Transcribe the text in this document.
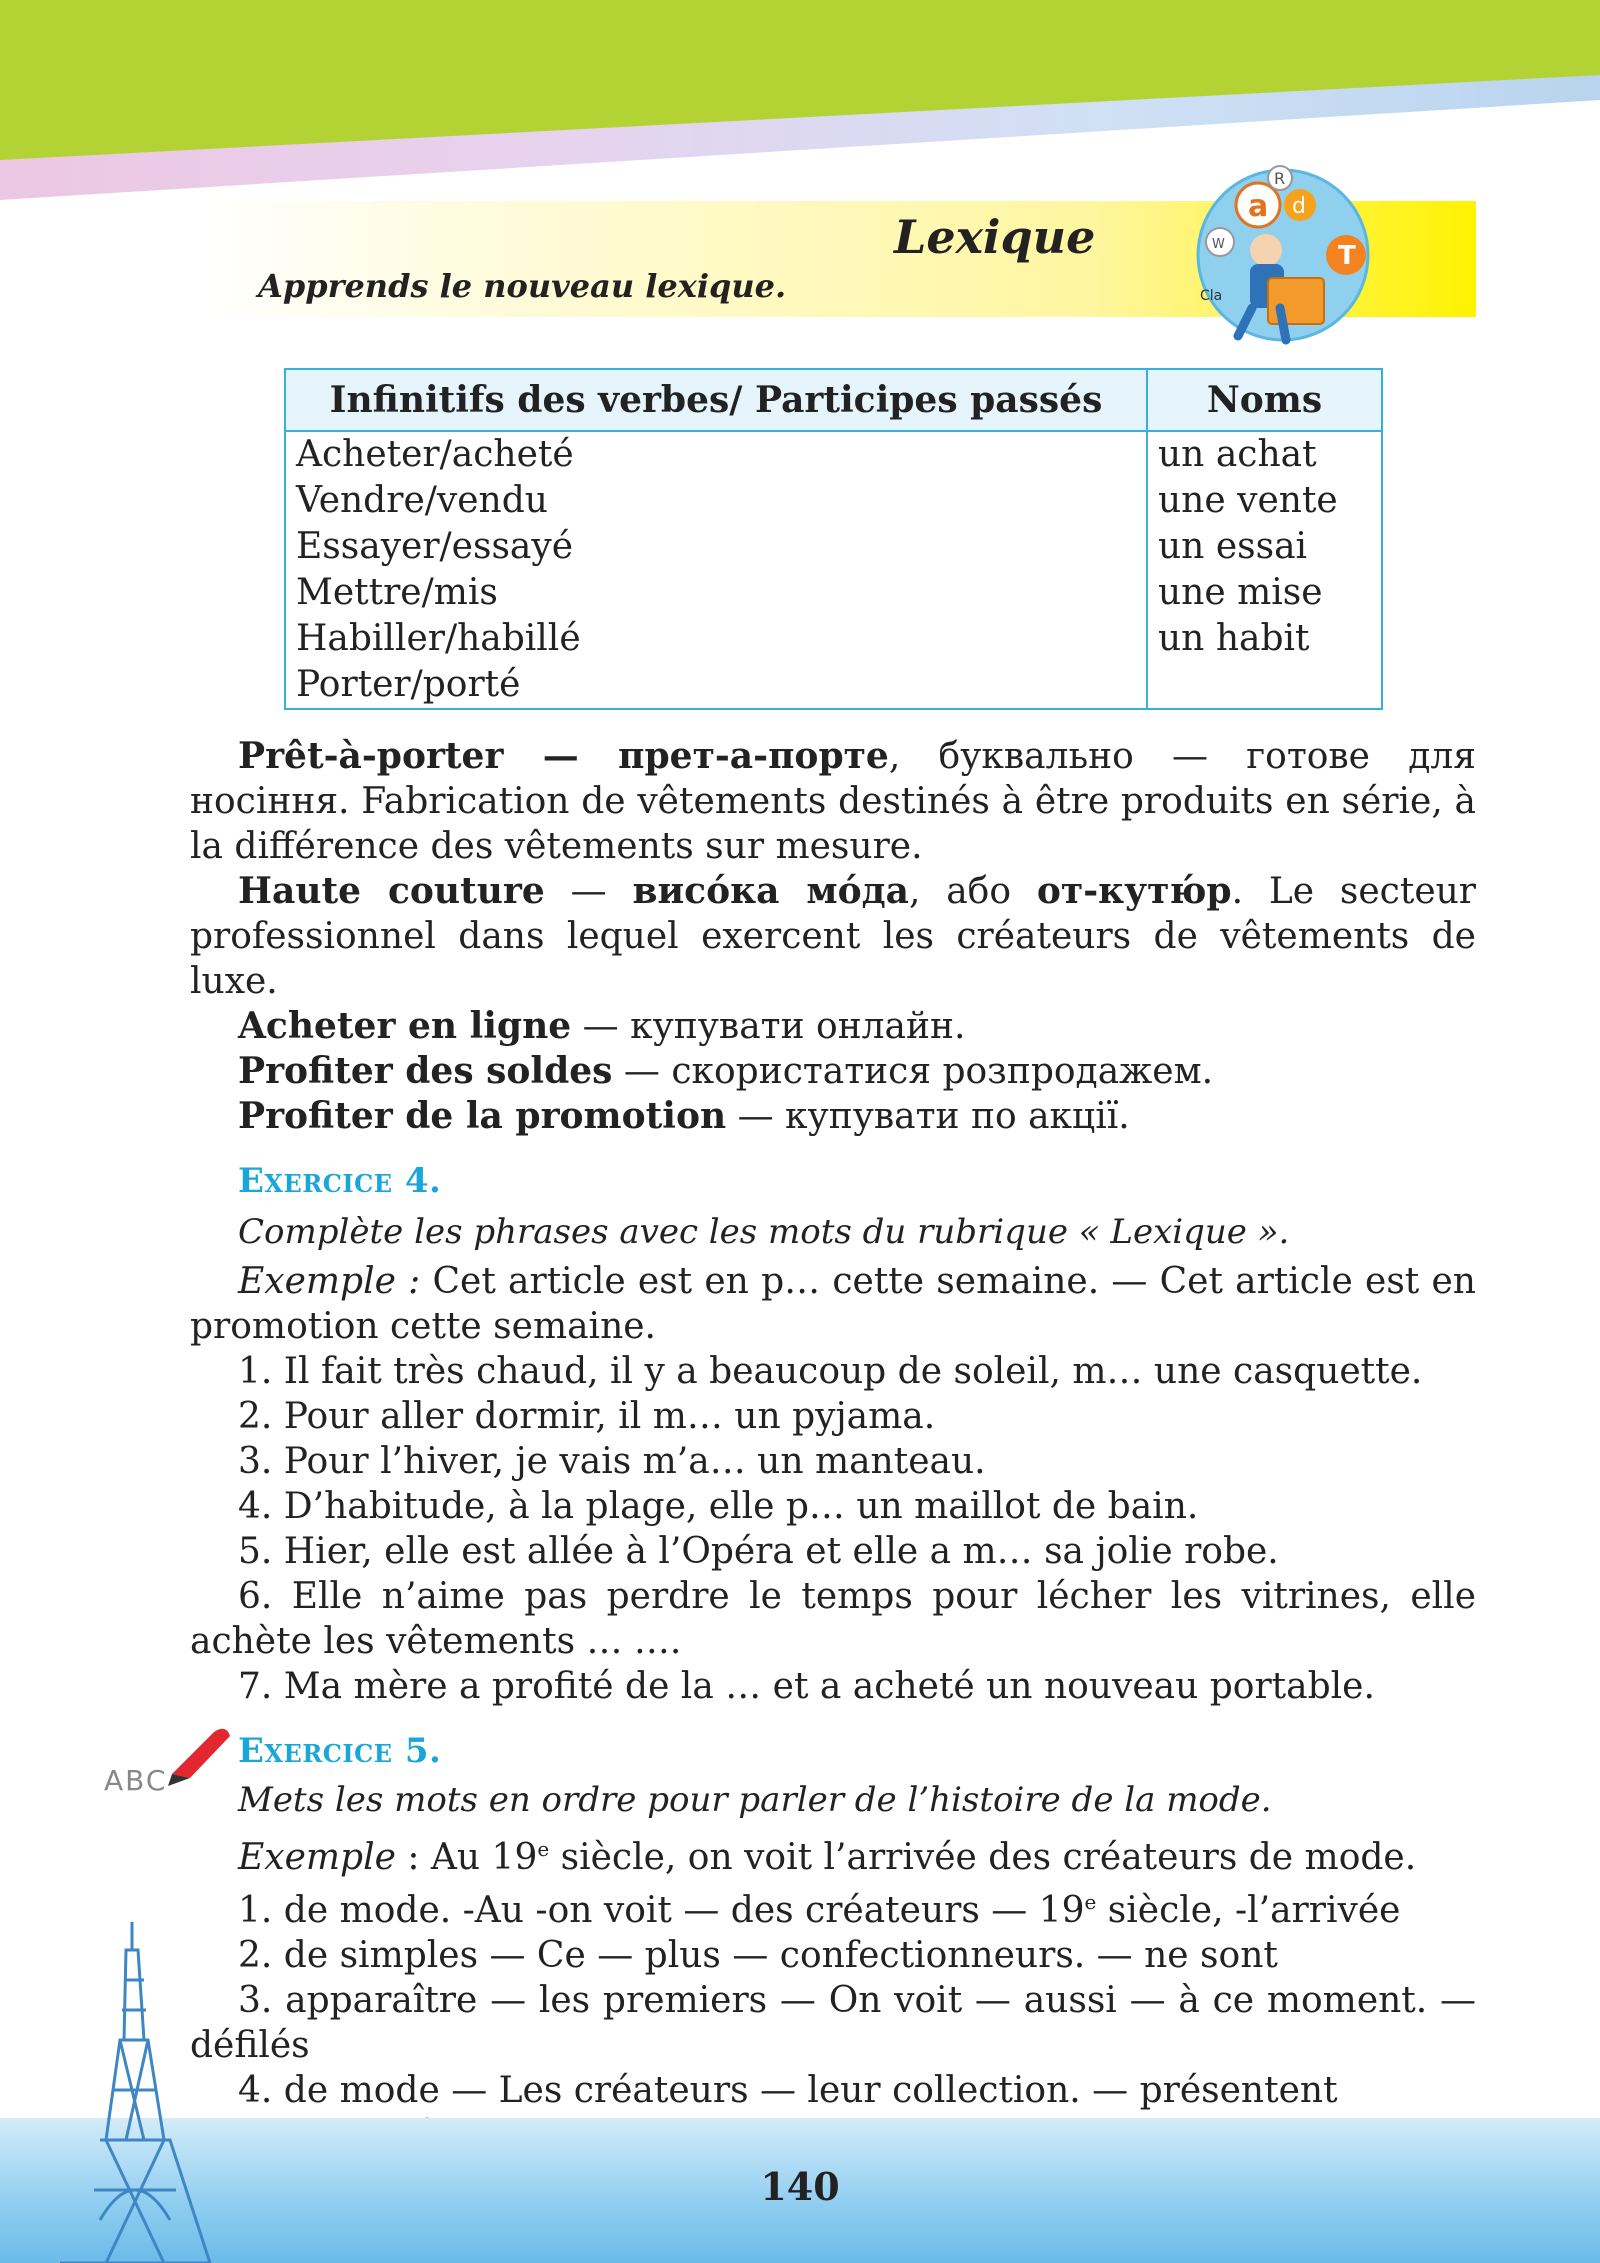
Lexique
Apprends le nouveau lexique.
a d
R
W	T
Cla
Infinitifs des verbes/ Participes passés	Noms
Acheter/acheté	un achat
Vendre/vendu	une vente
Essayer/essayé	un essai
Mettre/mis	une mise
Habiller/habillé	un habit
Porter/porté	

Prêt-à-porter — прет-а-порте, буквально — готове для носіння. Fabrication de vêtements destinés à être produits en série, à la différence des vêtements sur mesure.

Haute couture — висóка мóда, або от-кутю́р. Le secteur professionnel dans lequel exercent les créateurs de vêtements de luxe.

Acheter en ligne — купувати онлайн.

Profiter des soldes — скористатися розпродажем.

Profiter de la promotion — купувати по акції.

Exercice 4.

Complète les phrases avec les mots du rubrique « Lexique ».

Exemple : Cet article est en p… cette semaine. — Cet article est en promotion cette semaine.

1. Il fait très chaud, il y a beaucoup de soleil, m… une casquette.

2. Pour aller dormir, il m… un pyjama.

3. Pour l’hiver, je vais m’a… un manteau.

4. D’habitude, à la plage, elle p… un maillot de bain.

5. Hier, elle est allée à l’Opéra et elle a m… sa jolie robe.

6. Elle n’aime pas perdre le temps pour lécher les vitrines, elle achète les vêtements … ….

7. Ma mère a profité de la … et a acheté un nouveau portable.

Exercice 5.

Mets les mots en ordre pour parler de l’histoire de la mode.

Exemple : Au 19e siècle, on voit l’arrivée des créateurs de mode.

1. de mode. -Au -on voit — des créateurs — 19e siècle, -l’arrivée

2. de simples — Ce — plus — confectionneurs. — ne sont

3. apparaître — les premiers — On voit — aussi — à ce moment. — défilés

4. de mode — Les créateurs — leur collection. — présentent

ABC
140
